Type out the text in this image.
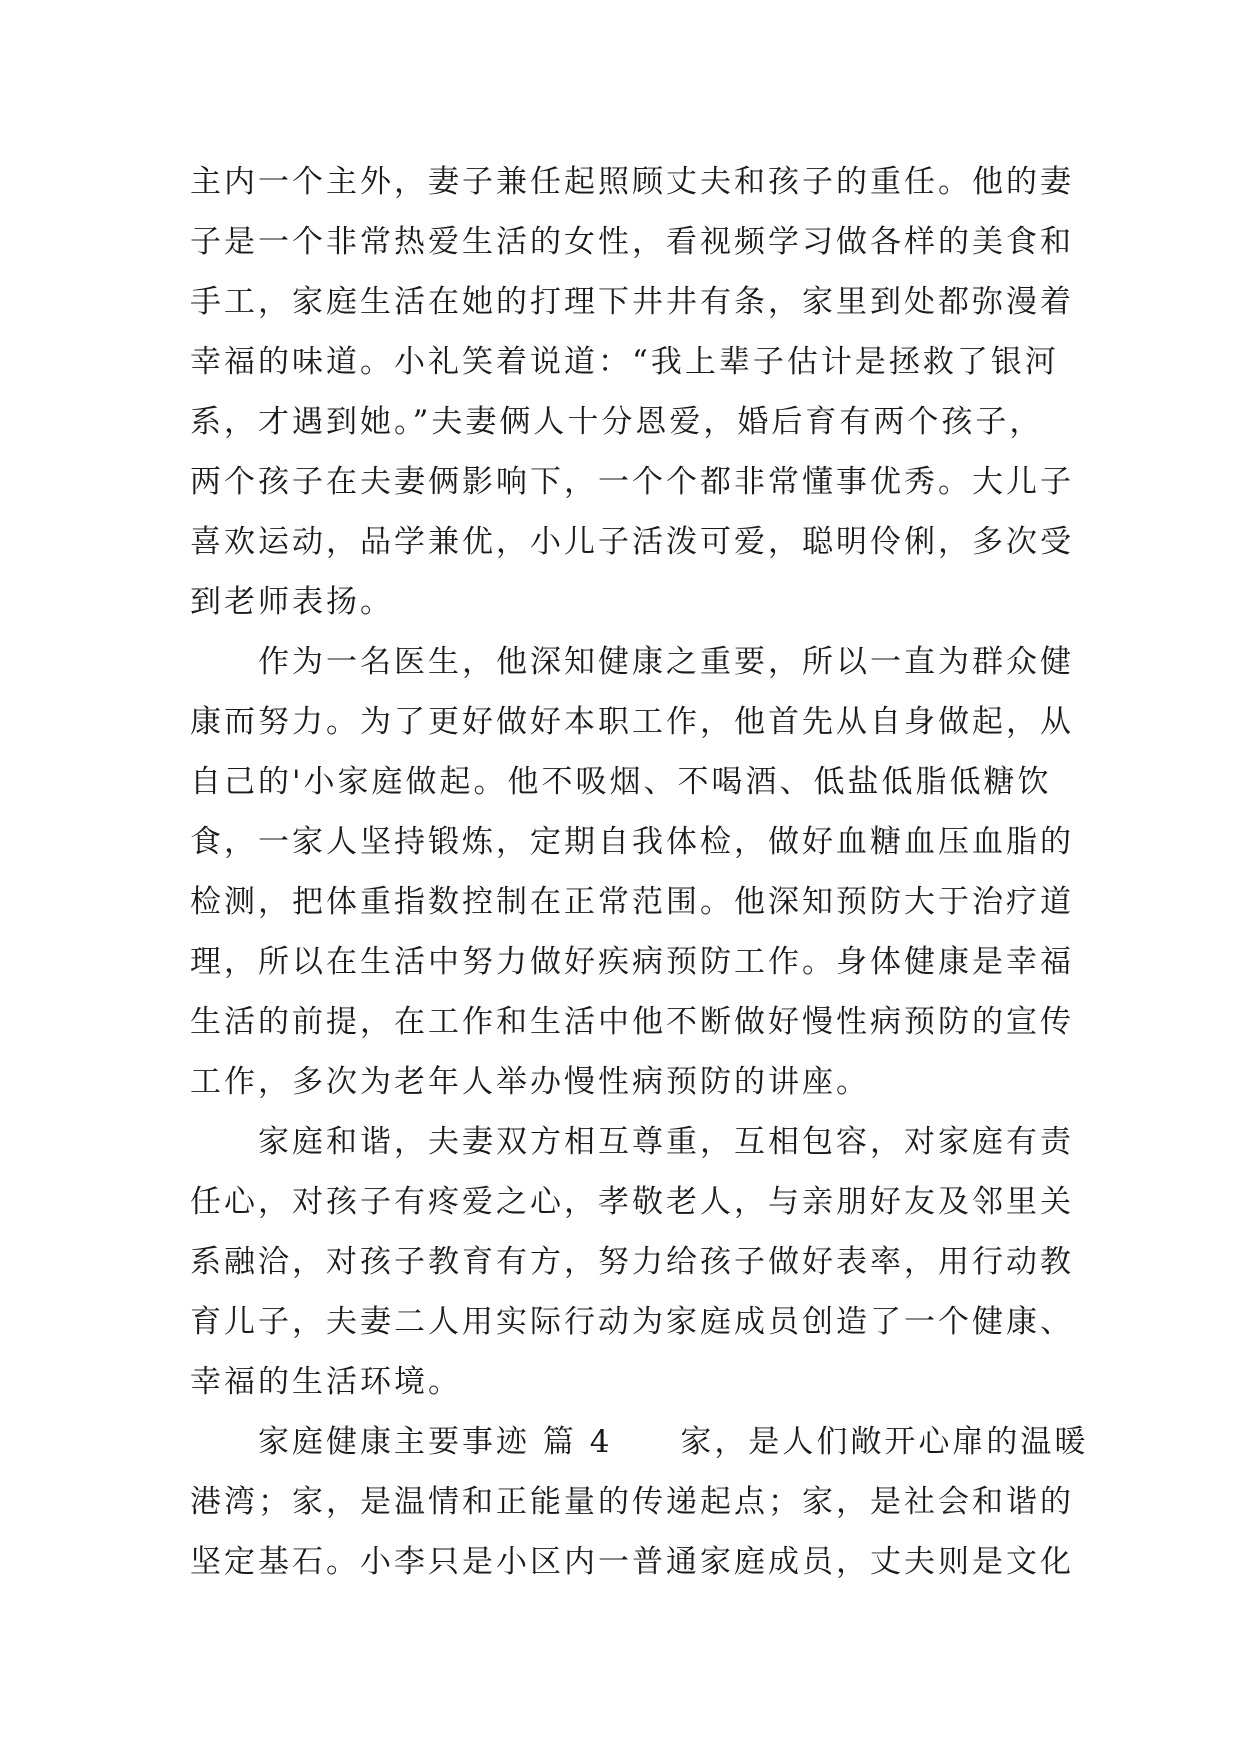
主内一个主外，妻子兼任起照顾丈夫和孩子的重任。他的妻
子是一个非常热爱生活的女性，看视频学习做各样的美食和
手工，家庭生活在她的打理下井井有条，家里到处都弥漫着
幸福的味道。小礼笑着说道：“我上辈子估计是拯救了银河
系，才遇到她。”夫妻俩人十分恩爱，婚后育有两个孩子，
两个孩子在夫妻俩影响下，一个个都非常懂事优秀。大儿子
喜欢运动，品学兼优，小儿子活泼可爱，聪明伶俐，多次受
到老师表扬。
　　作为一名医生，他深知健康之重要，所以一直为群众健
康而努力。为了更好做好本职工作，他首先从自身做起，从
自己的'小家庭做起。他不吸烟、不喝酒、低盐低脂低糖饮
食，一家人坚持锻炼，定期自我体检，做好血糖血压血脂的
检测，把体重指数控制在正常范围。他深知预防大于治疗道
理，所以在生活中努力做好疾病预防工作。身体健康是幸福
生活的前提，在工作和生活中他不断做好慢性病预防的宣传
工作，多次为老年人举办慢性病预防的讲座。
　　家庭和谐，夫妻双方相互尊重，互相包容，对家庭有责
任心，对孩子有疼爱之心，孝敬老人，与亲朋好友及邻里关
系融洽，对孩子教育有方，努力给孩子做好表率，用行动教
育儿子，夫妻二人用实际行动为家庭成员创造了一个健康、
幸福的生活环境。
　　家庭健康主要事迹 篇 4　　家，是人们敞开心扉的温暖
港湾；家，是温情和正能量的传递起点；家，是社会和谐的
坚定基石。小李只是小区内一普通家庭成员，丈夫则是文化
